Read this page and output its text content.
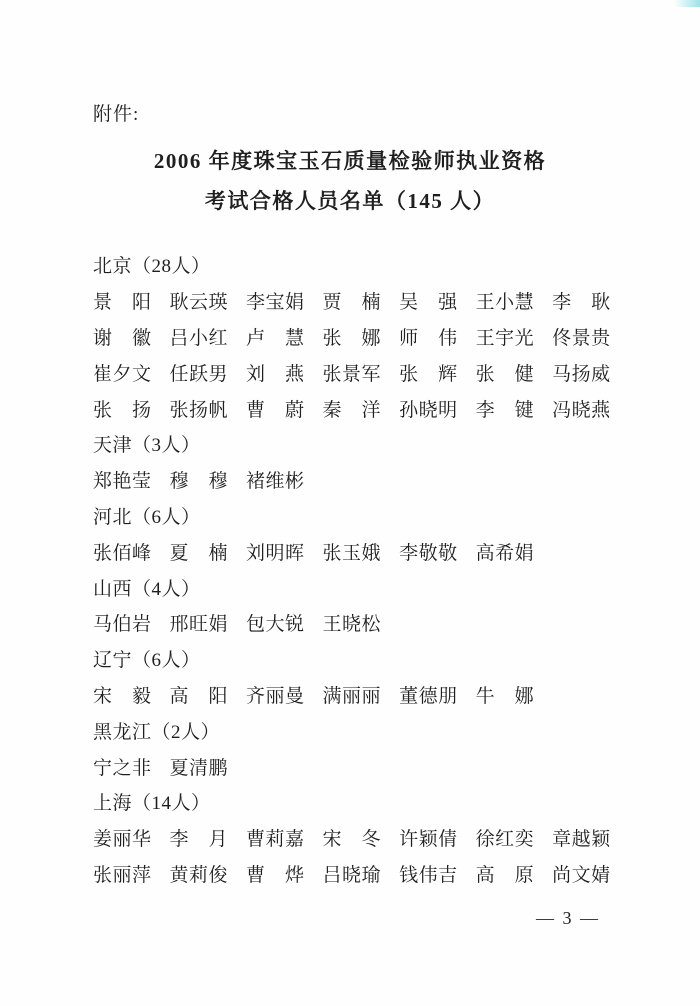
附件:
2006 年度珠宝玉石质量检验师执业资格
考试合格人员名单（145 人）
北京（28人）
景　阳 耿云瑛 李宝娟 贾　楠 吴　强 王小慧 李　耿
谢　徽 吕小红 卢　慧 张　娜 师　伟 王宇光 佟景贵
崔夕文 任跃男 刘　燕 张景军 张　辉 张　健 马扬威
张　扬 张扬帆 曹　蔚 秦　洋 孙晓明 李　键 冯晓燕
天津（3人）
郑艳莹 穆　穆 褚维彬
河北（6人）
张佰峰 夏　楠 刘明晖 张玉娥 李敬敬 高希娟
山西（4人）
马伯岩 邢旺娟 包大锐 王晓松
辽宁（6人）
宋　毅 高　阳 齐丽曼 满丽丽 董德朋 牛　娜
黑龙江（2人）
宁之非 夏清鹏
上海（14人）
姜丽华 李　月 曹莉嘉 宋　冬 许颖倩 徐红奕 章越颖
张丽萍 黄莉俊 曹　烨 吕晓瑜 钱伟吉 高　原 尚文婧
— 3 —
